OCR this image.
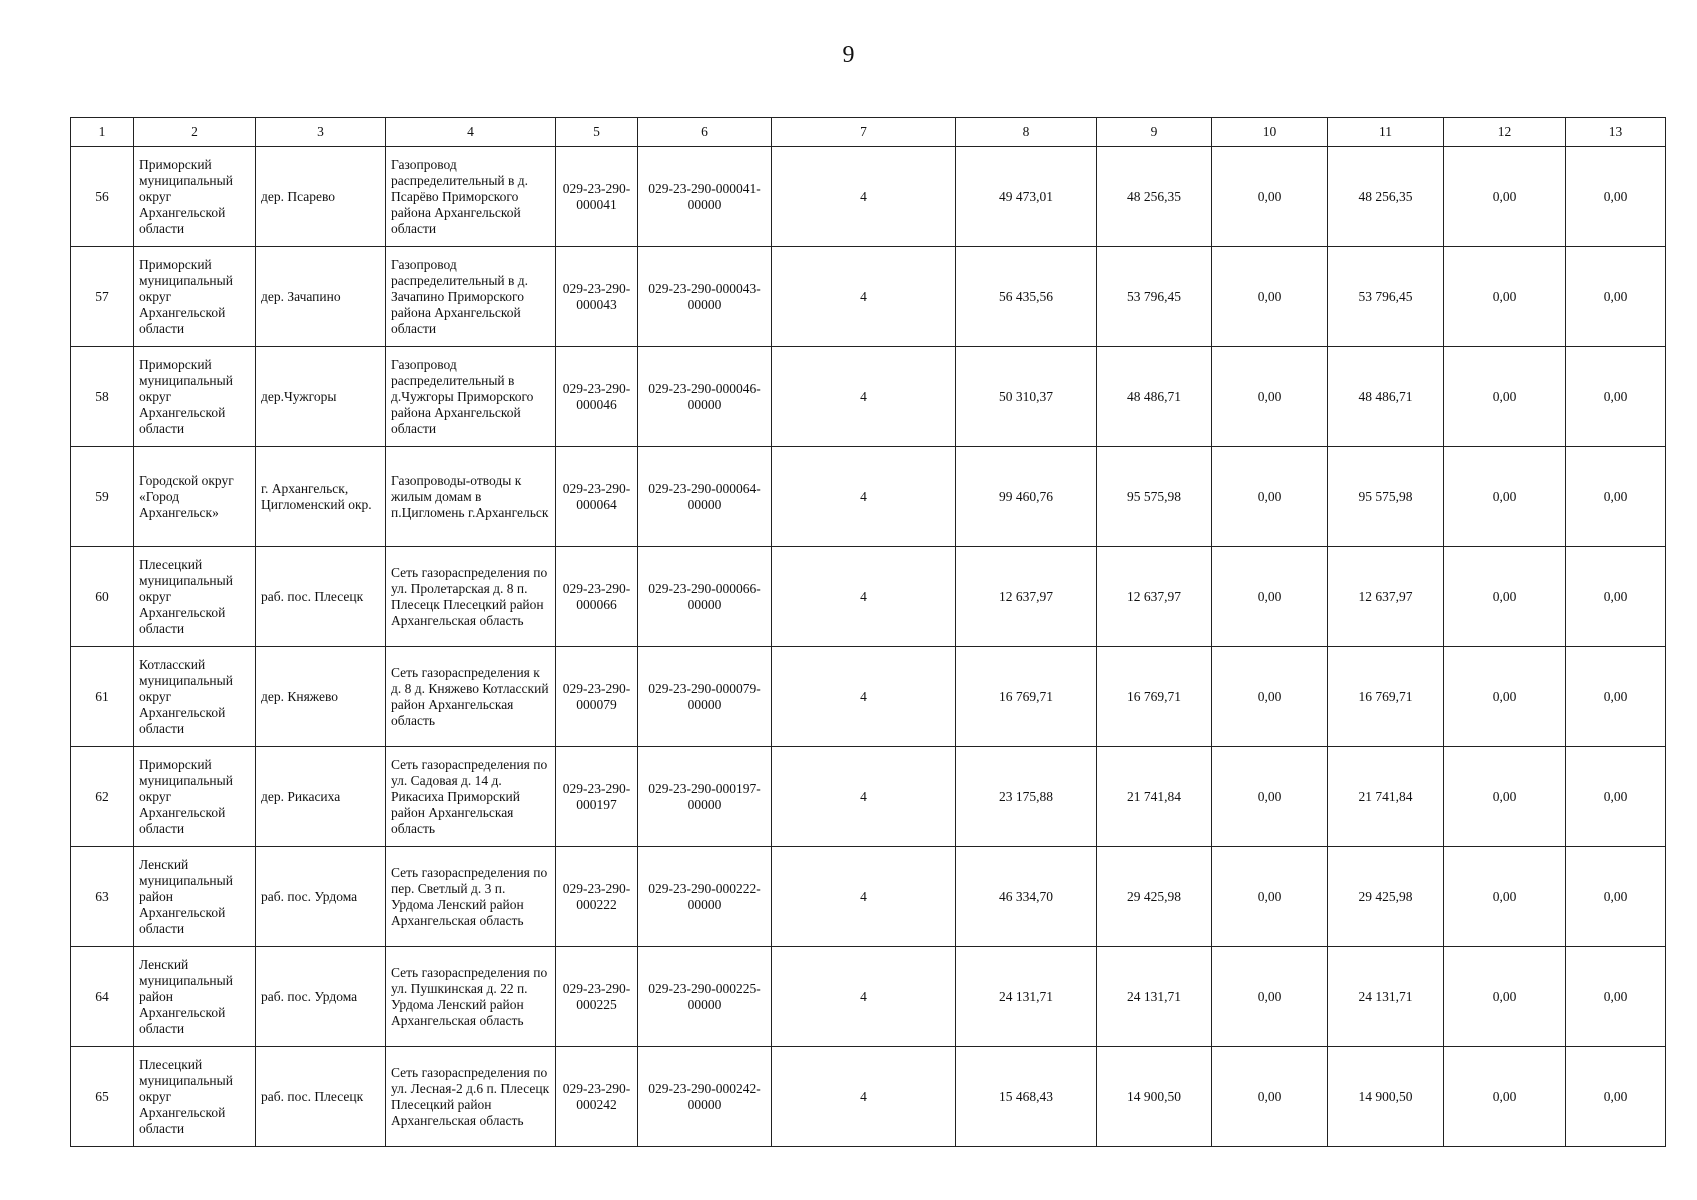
9
1	2	3	4	5	6	7	8	9	10	11	12	13
56	Приморский муниципальный округ Архангельской области	дер. Псарево	Газопровод распределительный в д. Псарёво Приморского района Архангельской области	029-23-290-000041	029-23-290-000041-00000	4	49 473,01	48 256,35	0,00	48 256,35	0,00	0,00
57	Приморский муниципальный округ Архангельской области	дер. Зачапино	Газопровод распределительный в д. Зачапино Приморского района Архангельской области	029-23-290-000043	029-23-290-000043-00000	4	56 435,56	53 796,45	0,00	53 796,45	0,00	0,00
58	Приморский муниципальный округ Архангельской области	дер.Чужгоры	Газопровод распределительный в д.Чужгоры Приморского района Архангельской области	029-23-290-000046	029-23-290-000046-00000	4	50 310,37	48 486,71	0,00	48 486,71	0,00	0,00
59	Городской округ «Город Архангельск»	г. Архангельск, Цигломенский окр.	Газопроводы-отводы к жилым домам в п.Цигломень г.Архангельск	029-23-290-000064	029-23-290-000064-00000	4	99 460,76	95 575,98	0,00	95 575,98	0,00	0,00
60	Плесецкий муниципальный округ Архангельской области	раб. пос. Плесецк	Сеть газораспределения по ул. Пролетарская д. 8 п. Плесецк Плесецкий район Архангельская область	029-23-290-000066	029-23-290-000066-00000	4	12 637,97	12 637,97	0,00	12 637,97	0,00	0,00
61	Котласский муниципальный округ Архангельской области	дер. Княжево	Сеть газораспределения к д. 8 д. Княжево Котласский район Архангельская область	029-23-290-000079	029-23-290-000079-00000	4	16 769,71	16 769,71	0,00	16 769,71	0,00	0,00
62	Приморский муниципальный округ Архангельской области	дер. Рикасиха	Сеть газораспределения по ул. Садовая д. 14 д. Рикасиха Приморский район Архангельская область	029-23-290-000197	029-23-290-000197-00000	4	23 175,88	21 741,84	0,00	21 741,84	0,00	0,00
63	Ленский муниципальный район Архангельской области	раб. пос. Урдома	Сеть газораспределения по пер. Светлый д. 3 п. Урдома Ленский район Архангельская область	029-23-290-000222	029-23-290-000222-00000	4	46 334,70	29 425,98	0,00	29 425,98	0,00	0,00
64	Ленский муниципальный район Архангельской области	раб. пос. Урдома	Сеть газораспределения по ул. Пушкинская д. 22 п. Урдома Ленский район Архангельская область	029-23-290-000225	029-23-290-000225-00000	4	24 131,71	24 131,71	0,00	24 131,71	0,00	0,00
65	Плесецкий муниципальный округ Архангельской области	раб. пос. Плесецк	Сеть газораспределения по ул. Лесная-2 д.6 п. Плесецк Плесецкий район Архангельская область	029-23-290-000242	029-23-290-000242-00000	4	15 468,43	14 900,50	0,00	14 900,50	0,00	0,00
